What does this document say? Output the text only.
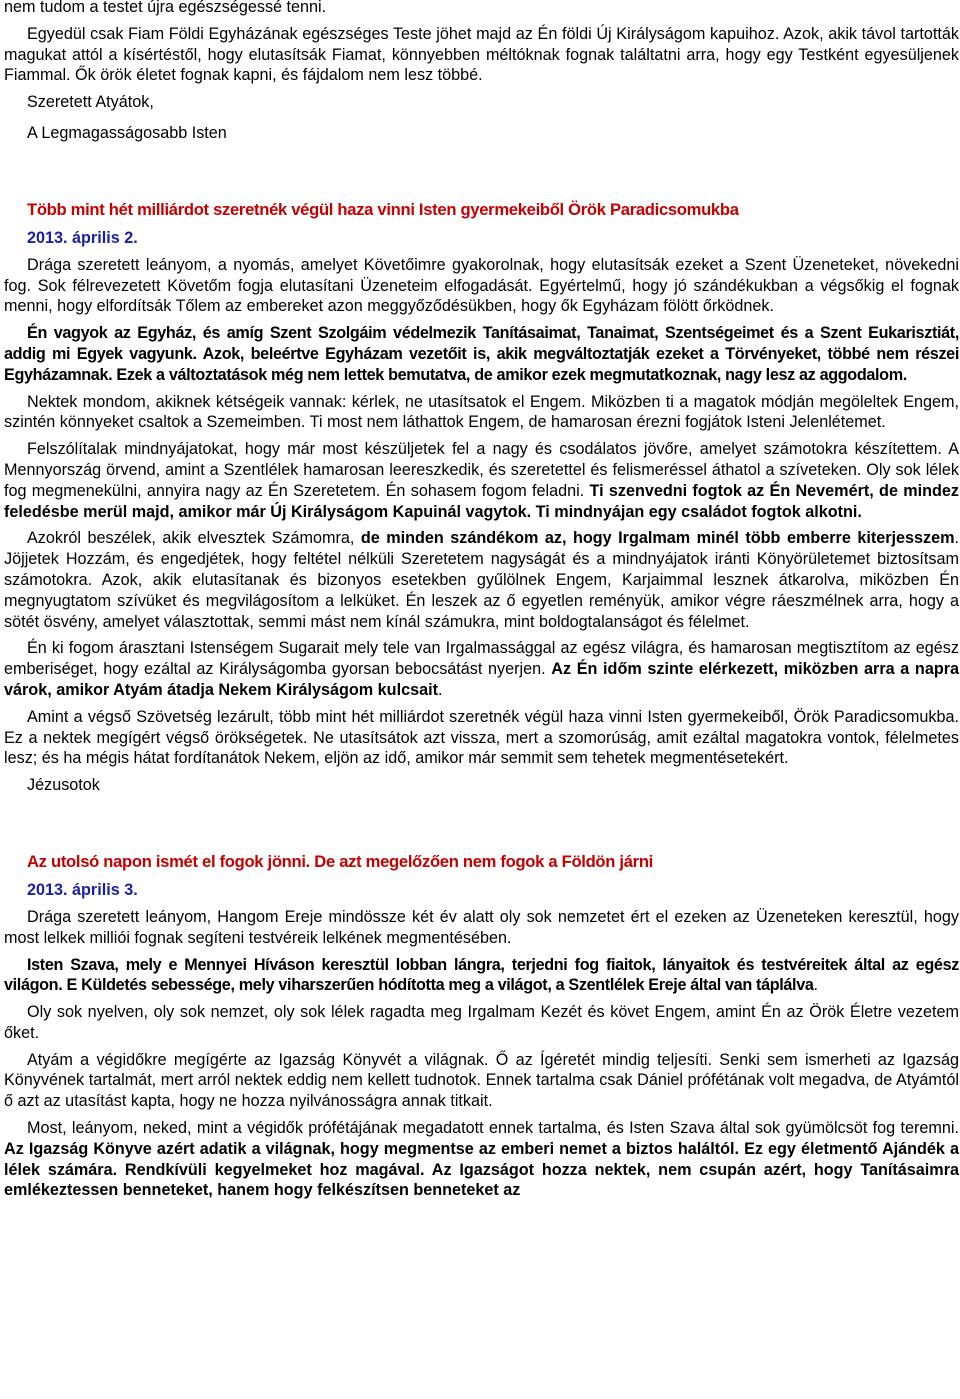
nem tudom a testet újra egészségessé tenni.

Egyedül csak Fiam Földi Egyházának egészséges Teste jöhet majd az Én földi Új Királyságom kapuihoz. Azok, akik távol tartották magukat attól a kísértéstől, hogy elutasítsák Fiamat, könnyebben méltóknak fognak találtatni arra, hogy egy Testként egyesüljenek Fiammal. Ők örök életet fognak kapni, és fájdalom nem lesz többé.

Szeretett Atyátok,

A Legmagasságosabb Isten

Több mint hét milliárdot szeretnék végül haza vinni Isten gyermekeiből Örök Paradicsomukba

2013. április 2.

Drága szeretett leányom, a nyomás, amelyet Követőimre gyakorolnak, hogy elutasítsák ezeket a Szent Üzeneteket, növekedni fog. Sok félrevezetett Követőm fogja elutasítani Üzeneteim elfogadását. Egyértelmű, hogy jó szándékukban a végsőkig el fognak menni, hogy elfordítsák Tőlem az embereket azon meggyőződésükben, hogy ők Egyházam fölött őrködnek.

Én vagyok az Egyház, és amíg Szent Szolgáim védelmezik Tanításaimat, Tanaimat, Szentségeimet és a Szent Eukarisztiát, addig mi Egyek vagyunk. Azok, beleértve Egyházam vezetőit is, akik megváltoztatják ezeket a Törvényeket, többé nem részei Egyházamnak. Ezek a változtatások még nem lettek bemutatva, de amikor ezek megmutatkoznak, nagy lesz az aggodalom.

Nektek mondom, akiknek kétségeik vannak: kérlek, ne utasítsatok el Engem. Miközben ti a magatok módján megöleltek Engem, szintén könnyeket csaltok a Szemeimben. Ti most nem láthattok Engem, de hamarosan érezni fogjátok Isteni Jelenlétemet.

Felszólítalak mindnyájatokat, hogy már most készüljetek fel a nagy és csodálatos jövőre, amelyet számotokra készítettem. A Mennyország örvend, amint a Szentlélek hamarosan leereszkedik, és szeretettel és felismeréssel áthatol a szíveteken. Oly sok lélek fog megmenekülni, annyira nagy az Én Szeretetem. Én sohasem fogom feladni. Ti szenvedni fogtok az Én Nevemért, de mindez feledésbe merül majd, amikor már Új Királyságom Kapuinál vagytok. Ti mindnyájan egy családot fogtok alkotni.

Azokról beszélek, akik elvesztek Számomra, de minden szándékom az, hogy Irgalmam minél több emberre kiterjesszem. Jöjjetek Hozzám, és engedjétek, hogy feltétel nélküli Szeretetem nagyságát és a mindnyájatok iránti Könyörületemet biztosítsam számotokra. Azok, akik elutasítanak és bizonyos esetekben gyűlölnek Engem, Karjaimmal lesznek átkarolva, miközben Én megnyugtatom szívüket és megvilágosítom a lelküket. Én leszek az ő egyetlen reményük, amikor végre ráeszmélnek arra, hogy a sötét ösvény, amelyet választottak, semmi mást nem kínál számukra, mint boldogtalanságot és félelmet.

Én ki fogom árasztani Istenségem Sugarait mely tele van Irgalmassággal az egész világra, és hamarosan megtisztítom az egész emberiséget, hogy ezáltal az Királyságomba gyorsan bebocsátást nyerjen. Az Én időm szinte elérkezett, miközben arra a napra várok, amikor Atyám átadja Nekem Királyságom kulcsait.

Amint a végső Szövetség lezárult, több mint hét milliárdot szeretnék végül haza vinni Isten gyermekeiből, Örök Paradicsomukba. Ez a nektek megígért végső örökségetek. Ne utasítsátok azt vissza, mert a szomorúság, amit ezáltal magatokra vontok, félelmetes lesz; és ha mégis hátat fordítanátok Nekem, eljön az idő, amikor már semmit sem tehetek megmentésetekért.

Jézusotok

Az utolsó napon ismét el fogok jönni. De azt megelőzően nem fogok a Földön járni

2013. április 3.

Drága szeretett leányom, Hangom Ereje mindössze két év alatt oly sok nemzetet ért el ezeken az Üzeneteken keresztül, hogy most lelkek milliói fognak segíteni testvéreik lelkének megmentésében.

Isten Szava, mely e Mennyei Híváson keresztül lobban lángra, terjedni fog fiaitok, lányaitok és testvéreitek által az egész világon. E Küldetés sebessége, mely viharszerűen hódította meg a világot, a Szentlélek Ereje által van táplálva.

Oly sok nyelven, oly sok nemzet, oly sok lélek ragadta meg Irgalmam Kezét és követ Engem, amint Én az Örök Életre vezetem őket.

Atyám a végidőkre megígérte az Igazság Könyvét a világnak. Ő az Ígéretét mindig teljesíti. Senki sem ismerheti az Igazság Könyvének tartalmát, mert arról nektek eddig nem kellett tudnotok. Ennek tartalma csak Dániel prófétának volt megadva, de Atyámtól ő azt az utasítást kapta, hogy ne hozza nyilvánosságra annak titkait.

Most, leányom, neked, mint a végidők prófétájának megadatott ennek tartalma, és Isten Szava által sok gyümölcsöt fog teremni. Az Igazság Könyve azért adatik a világnak, hogy megmentse az emberi nemet a biztos haláltól. Ez egy életmentő Ajándék a lélek számára. Rendkívüli kegyelmeket hoz magával. Az Igazságot hozza nektek, nem csupán azért, hogy Tanításaimra emlékeztessen benneteket, hanem hogy felkészítsen benneteket az
